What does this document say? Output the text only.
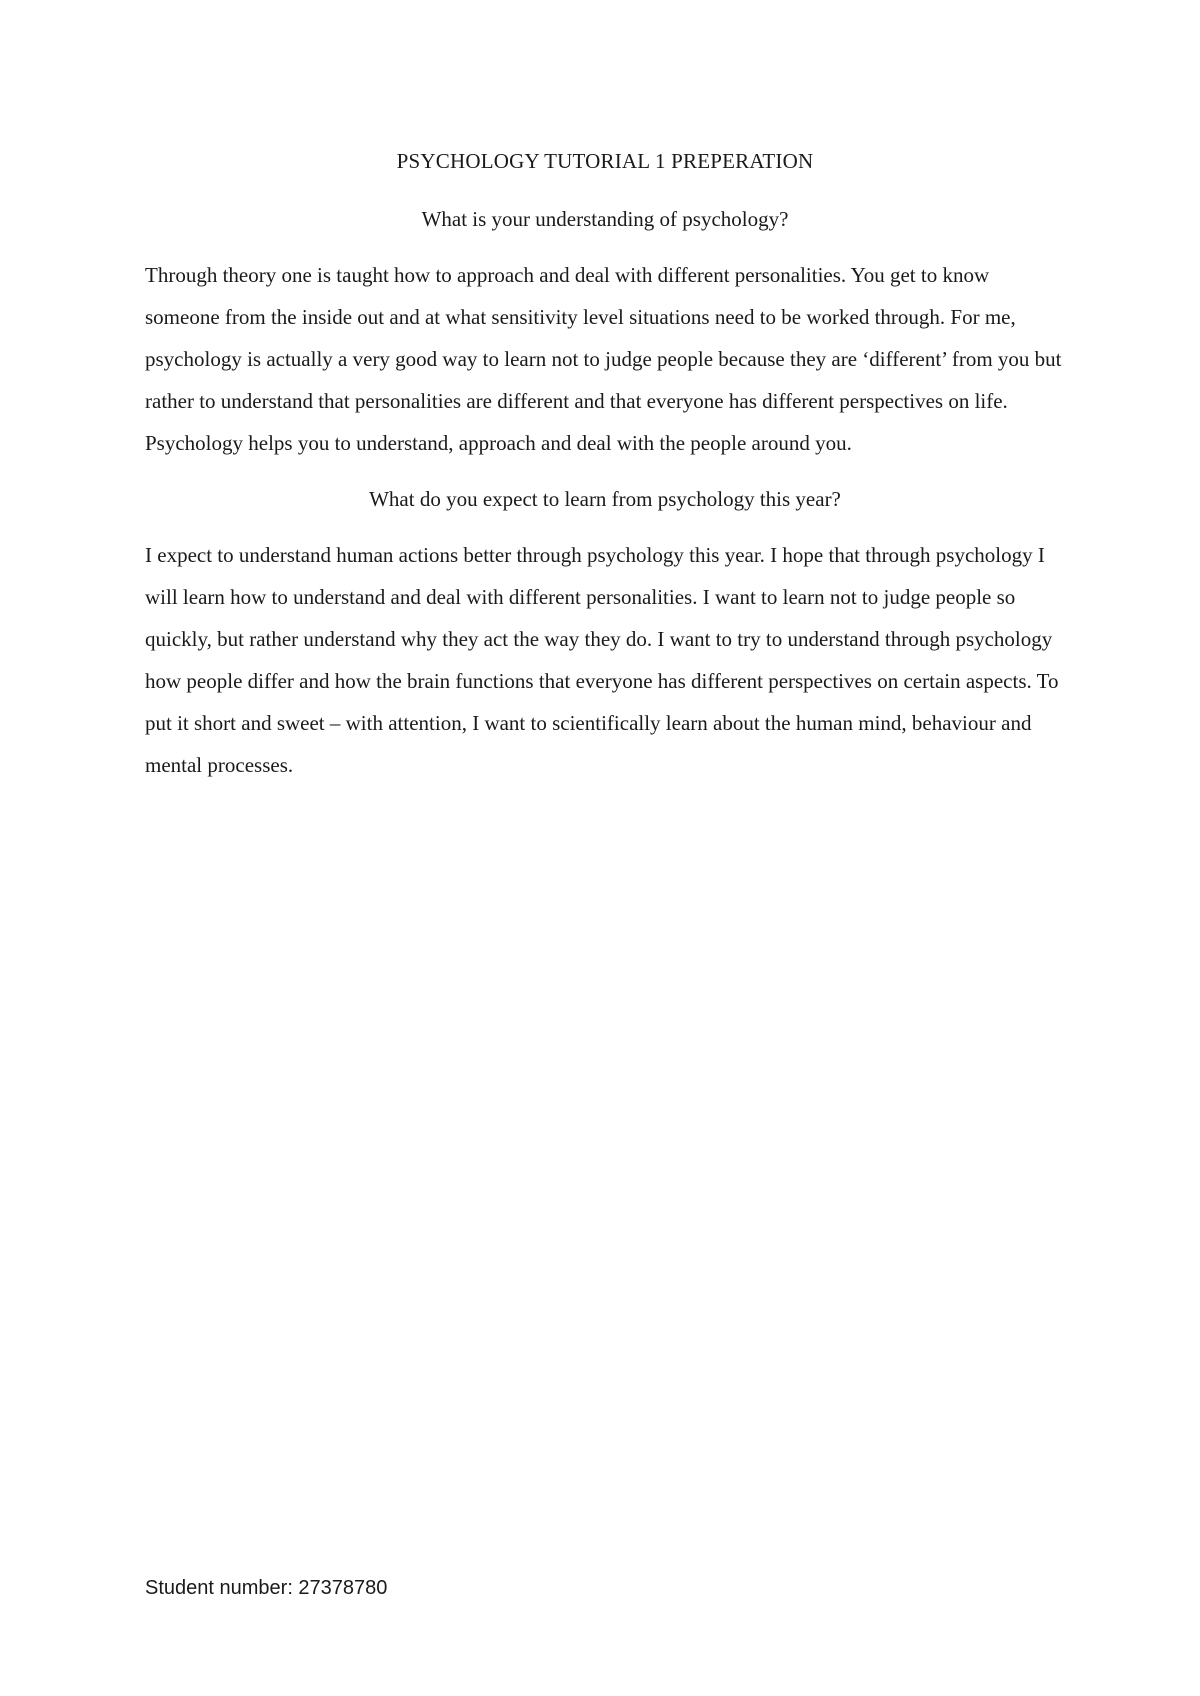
PSYCHOLOGY TUTORIAL 1 PREPERATION
What is your understanding of psychology?
Through theory one is taught how to approach and deal with different personalities. You get to know someone from the inside out and at what sensitivity level situations need to be worked through. For me, psychology is actually a very good way to learn not to judge people because they are ‘different’ from you but rather to understand that personalities are different and that everyone has different perspectives on life. Psychology helps you to understand, approach and deal with the people around you.
What do you expect to learn from psychology this year?
I expect to understand human actions better through psychology this year. I hope that through psychology I will learn how to understand and deal with different personalities. I want to learn not to judge people so quickly, but rather understand why they act the way they do. I want to try to understand through psychology how people differ and how the brain functions that everyone has different perspectives on certain aspects. To put it short and sweet – with attention, I want to scientifically learn about the human mind, behaviour and mental processes.
Student number: 27378780
